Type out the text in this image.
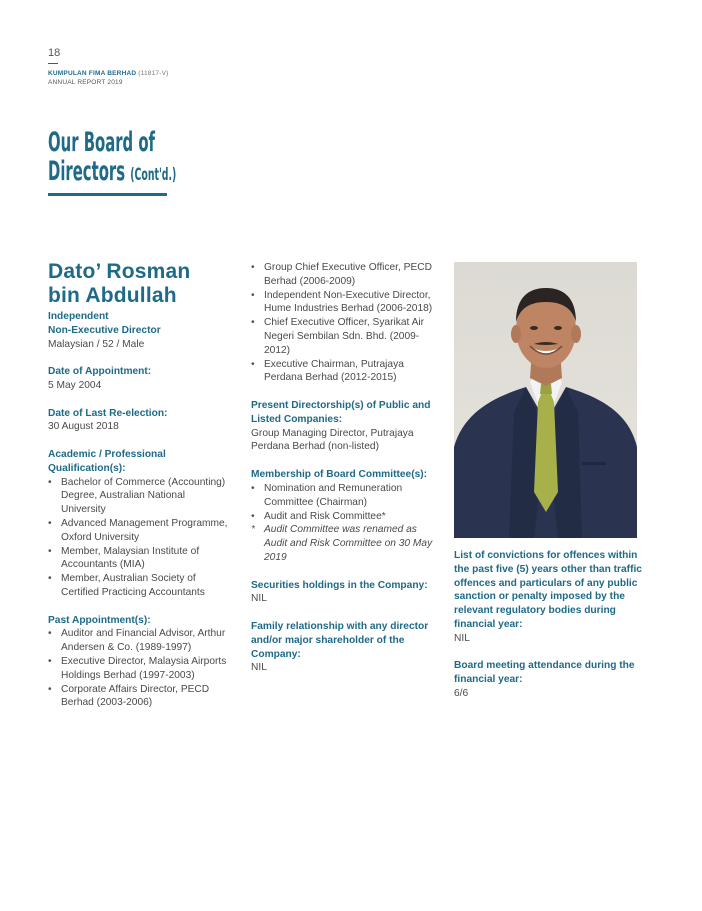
18
KUMPULAN FIMA BERHAD (11817-V)
ANNUAL REPORT 2019
Our Board of
Directors (Cont'd.)
Dato’ Rosman
bin Abdullah
Independent
Non-Executive Director
Malaysian / 52 / Male
Date of Appointment:
5 May 2004
Date of Last Re-election:
30 August 2018
Academic / Professional Qualification(s):
• Bachelor of Commerce (Accounting) Degree, Australian National University
• Advanced Management Programme, Oxford University
• Member, Malaysian Institute of Accountants (MIA)
• Member, Australian Society of Certified Practicing Accountants
Past Appointment(s):
• Auditor and Financial Advisor, Arthur Andersen & Co. (1989-1997)
• Executive Director, Malaysia Airports Holdings Berhad (1997-2003)
• Corporate Affairs Director, PECD Berhad (2003-2006)
• Group Chief Executive Officer, PECD Berhad (2006-2009)
• Independent Non-Executive Director, Hume Industries Berhad (2006-2018)
• Chief Executive Officer, Syarikat Air Negeri Sembilan Sdn. Bhd. (2009-2012)
• Executive Chairman, Putrajaya Perdana Berhad (2012-2015)
Present Directorship(s) of Public and Listed Companies:
Group Managing Director, Putrajaya Perdana Berhad (non-listed)
Membership of Board Committee(s):
• Nomination and Remuneration Committee (Chairman)
• Audit and Risk Committee*
* Audit Committee was renamed as Audit and Risk Committee on 30 May 2019
Securities holdings in the Company:
NIL
Family relationship with any director and/or major shareholder of the Company:
NIL
List of convictions for offences within the past five (5) years other than traffic offences and particulars of any public sanction or penalty imposed by the relevant regulatory bodies during financial year:
NIL
Board meeting attendance during the financial year:
6/6
